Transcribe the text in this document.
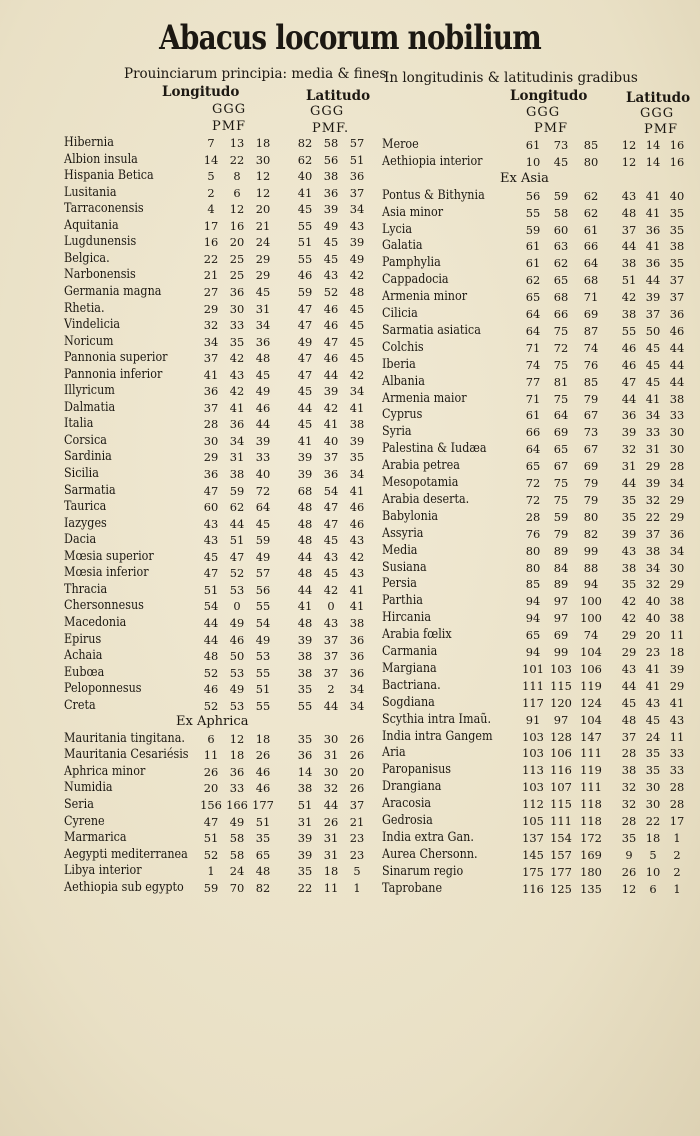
Abacus locorum nobilium
Prouinciarum principia: media & fines
In longitudinis & latitudinis gradibus
Longitudo	Latitudo
GGG	GGG
PMF	PMF.
Longitudo	Latitudo
GGG	GGG
PMF	PMF
Hibernia	7	13	18	82	58	57
Albion insula	14	22	30	62	56	51
Hispania Betica	5	8	12	40	38	36
Lusitania	2	6	12	41	36	37
Tarraconensis	4	12	20	45	39	34
Aquitania	17	16	21	55	49	43
Lugdunensis	16	20	24	51	45	39
Belgica.	22	25	29	55	45	49
Narbonensis	21	25	29	46	43	42
Germania magna	27	36	45	59	52	48
Rhetia.	29	30	31	47	46	45
Vindelicia	32	33	34	47	46	45
Noricum	34	35	36	49	47	45
Pannonia superior	37	42	48	47	46	45
Pannonia inferior	41	43	45	47	44	42
Illyricum	36	42	49	45	39	34
Dalmatia	37	41	46	44	42	41
Italia	28	36	44	45	41	38
Corsica	30	34	39	41	40	39
Sardinia	29	31	33	39	37	35
Sicilia	36	38	40	39	36	34
Sarmatia	47	59	72	68	54	41
Taurica	60	62	64	48	47	46
Iazyges	43	44	45	48	47	46
Dacia	43	51	59	48	45	43
Mœsia superior	45	47	49	44	43	42
Mœsia inferior	47	52	57	48	45	43
Thracia	51	53	56	44	42	41
Chersonnesus	54	0	55	41	0	41
Macedonia	44	49	54	48	43	38
Epirus	44	46	49	39	37	36
Achaia	48	50	53	38	37	36
Eubœa	52	53	55	38	37	36
Peloponnesus	46	49	51	35	2	34
Creta	52	53	55	55	44	34
Ex Aphrica
Mauritania tingitana.	6	12	18	35	30	26
Mauritania Cesariésis	11	18	26	36	31	26
Aphrica minor	26	36	46	14	30	20
Numidia	20	33	46	38	32	26
Seria	156 166 177	51	44	37
Cyrene	47	49	51	31	26	21
Marmarica	51	58	35	39	31	23
Aegypti mediterranea	52	58	65	39	31	23
Libya interior	1	24	48	35	18	5
Aethiopia sub egypto	59	70	82	22	11	1
Meroe	61	73	85	12 14 16
Aethiopia interior	10	45	80	12 14 16
Ex Asia
Pontus & Bithynia	56	59	62	43 41 40
Asia minor	55	58	62	48 41 35
Lycia	59	60	61	37 36 35
Galatia	61	63	66	44 41 38
Pamphylia	61	62	64	38 36 35
Cappadocia	62	65	68	51 44 37
Armenia minor	65	68	71	42 39 37
Cilicia	64	66	69	38 37 36
Sarmatia asiatica	64	75	87	55 50 46
Colchis	71	72	74	46 45 44
Iberia	74	75	76	46 45 44
Albania	77	81	85	47 45 44
Armenia maior	71	75	79	44 41 38
Cyprus	61	64	67	36 34 33
Syria	66	69	73	39 33 30
Palestina & Iudæa	64	65	67	32 31 30
Arabia petrea	65	67	69	31 29 28
Mesopotamia	72	75	79	44 39 34
Arabia deserta.	72	75	79	35 32 29
Babylonia	28	59	80	35 22 29
Assyria	76	79	82	39 37 36
Media	80	89	99	43 38 34
Susiana	80	84	88	38 34 30
Persia	85	89	94	35 32 29
Parthia	94	97	100	42 40 38
Hircania	94	97	100	42 40 38
Arabia fœlix	65	69	74	29 20 11
Carmania	94	99	104	29 23 18
Margiana	101 103 106	43 41 39
Bactriana.	111 115 119	44 41 29
Sogdiana	117 120 124	45 43 41
Scythia intra Imaũ.	91	97	104	48 45 43
India intra Gangem	103 128 147	37 24 11
Aria	103 106 111	28 35 33
Paropanisus	113 116 119	38 35 33
Drangiana	103 107 111	32 30 28
Aracosia	112 115 118	32 30 28
Gedrosia	105 111 118	28 22 17
India extra Gan.	137 154 172	35 18	1
Aurea Chersonn.	145 157 169	9	5	2
Sinarum regio	175 177 180	26 10	2
Taprobane	116 125 135	12	6	1
